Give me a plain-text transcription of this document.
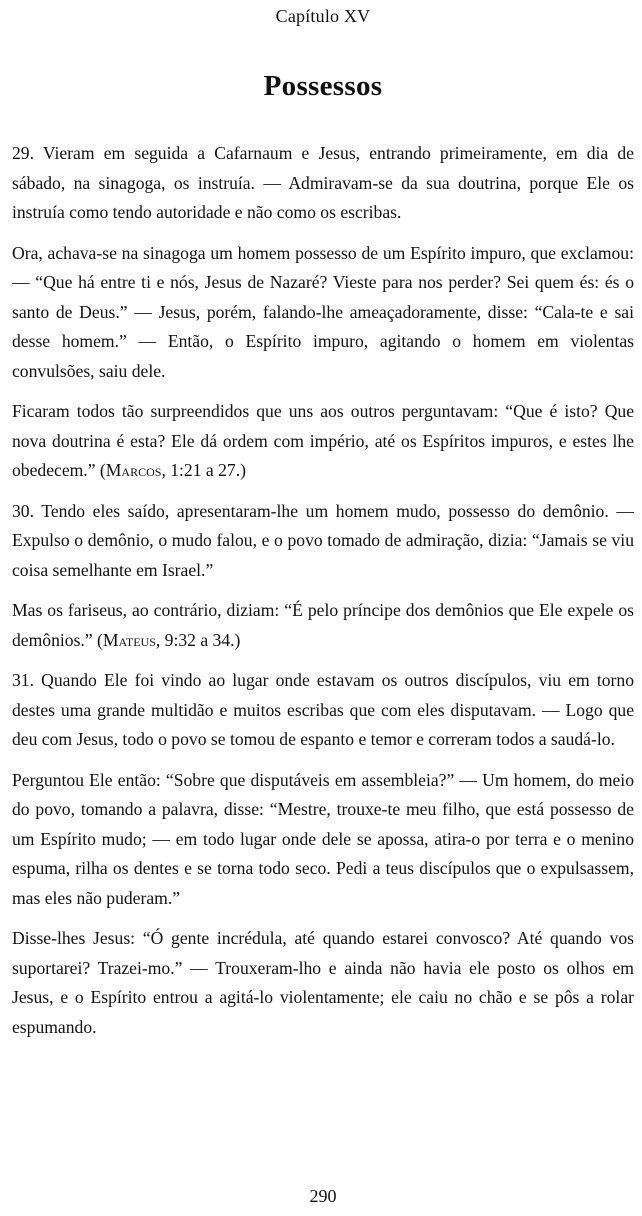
Capítulo XV
Possessos

29. Vieram em seguida a Cafarnaum e Jesus, entrando primeiramente, em dia de sábado, na sinagoga, os instruía. — Admiravam-se da sua doutrina, porque Ele os instruía como tendo autoridade e não como os escribas.

Ora, achava-se na sinagoga um homem possesso de um Espírito impuro, que exclamou: — “Que há entre ti e nós, Jesus de Nazaré? Vieste para nos perder? Sei quem és: és o santo de Deus.” — Jesus, porém, falando-lhe ameaçadoramente, disse: “Cala-te e sai desse homem.” — Então, o Espírito impuro, agitando o homem em violentas convulsões, saiu dele.

Ficaram todos tão surpreendidos que uns aos outros perguntavam: “Que é isto? Que nova doutrina é esta? Ele dá ordem com império, até os Espíritos impuros, e estes lhe obedecem.” (Marcos, 1:21 a 27.)

30. Tendo eles saído, apresentaram-lhe um homem mudo, possesso do demônio. — Expulso o demônio, o mudo falou, e o povo tomado de admiração, dizia: “Jamais se viu coisa semelhante em Israel.”

Mas os fariseus, ao contrário, diziam: “É pelo príncipe dos demônios que Ele expele os demônios.” (Mateus, 9:32 a 34.)

31. Quando Ele foi vindo ao lugar onde estavam os outros discípulos, viu em torno destes uma grande multidão e muitos escribas que com eles disputavam. — Logo que deu com Jesus, todo o povo se tomou de espanto e temor e correram todos a saudá-lo.

Perguntou Ele então: “Sobre que disputáveis em assembleia?” — Um homem, do meio do povo, tomando a palavra, disse: “Mestre, trouxe-te meu filho, que está possesso de um Espírito mudo; — em todo lugar onde dele se apossa, atira-o por terra e o menino espuma, rilha os dentes e se torna todo seco. Pedi a teus discípulos que o expulsassem, mas eles não puderam.”

Disse-lhes Jesus: “Ó gente incrédula, até quando estarei convosco? Até quando vos suportarei? Trazei-mo.” — Trouxeram-lho e ainda não havia ele posto os olhos em Jesus, e o Espírito entrou a agitá-lo violentamente; ele caiu no chão e se pôs a rolar espumando.

290
